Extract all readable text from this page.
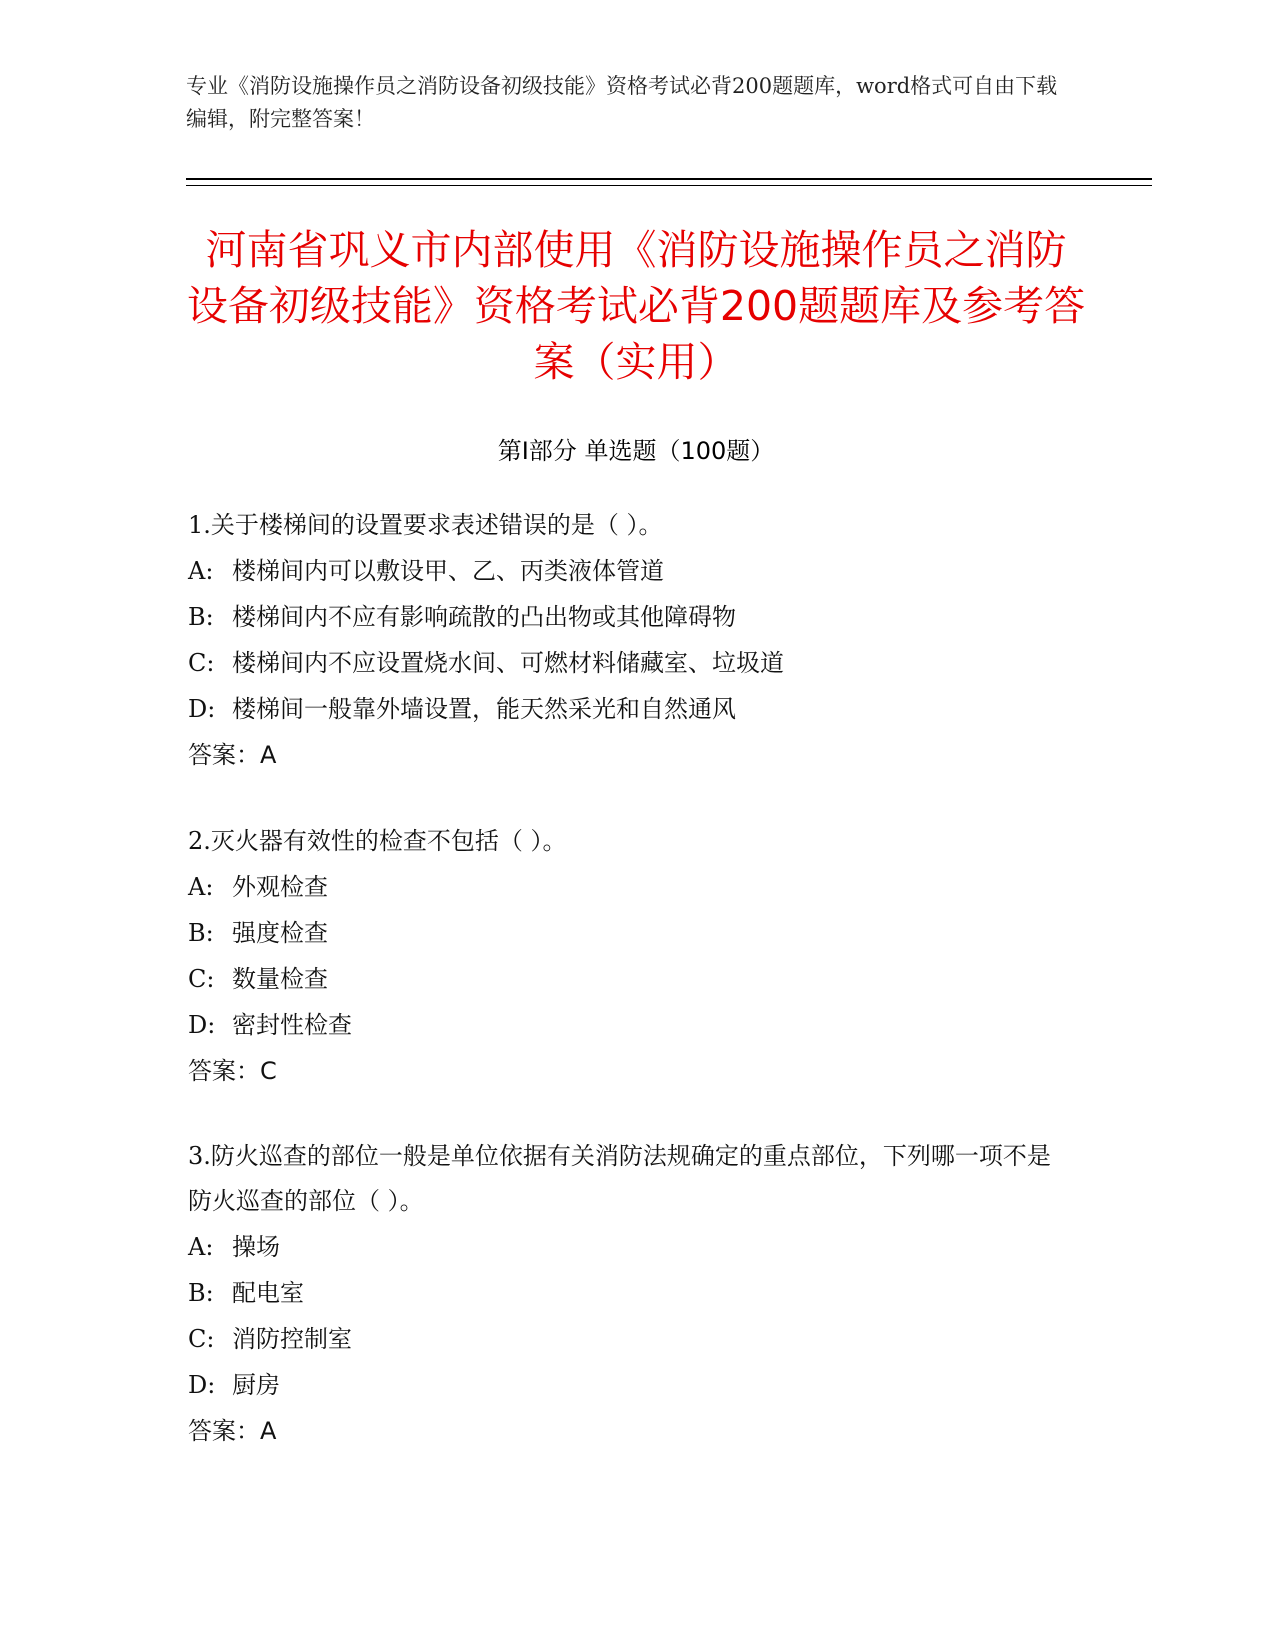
专业《消防设施操作员之消防设备初级技能》资格考试必背200题题库，word格式可自由下载编辑，附完整答案！
河南省巩义市内部使用《消防设施操作员之消防设备初级技能》资格考试必背200题题库及参考答案（实用）
第Ⅰ部分 单选题（100题）
1.关于楼梯间的设置要求表述错误的是（ ）。
A: 楼梯间内可以敷设甲、乙、丙类液体管道
B: 楼梯间内不应有影响疏散的凸出物或其他障碍物
C: 楼梯间内不应设置烧水间、可燃材料储藏室、垃圾道
D: 楼梯间一般靠外墙设置，能天然采光和自然通风
答案：A
2.灭火器有效性的检查不包括（ ）。
A: 外观检查
B: 强度检查
C: 数量检查
D: 密封性检查
答案：C
3.防火巡查的部位一般是单位依据有关消防法规确定的重点部位，下列哪一项不是防火巡查的部位（ ）。
A: 操场
B: 配电室
C: 消防控制室
D: 厨房
答案：A
